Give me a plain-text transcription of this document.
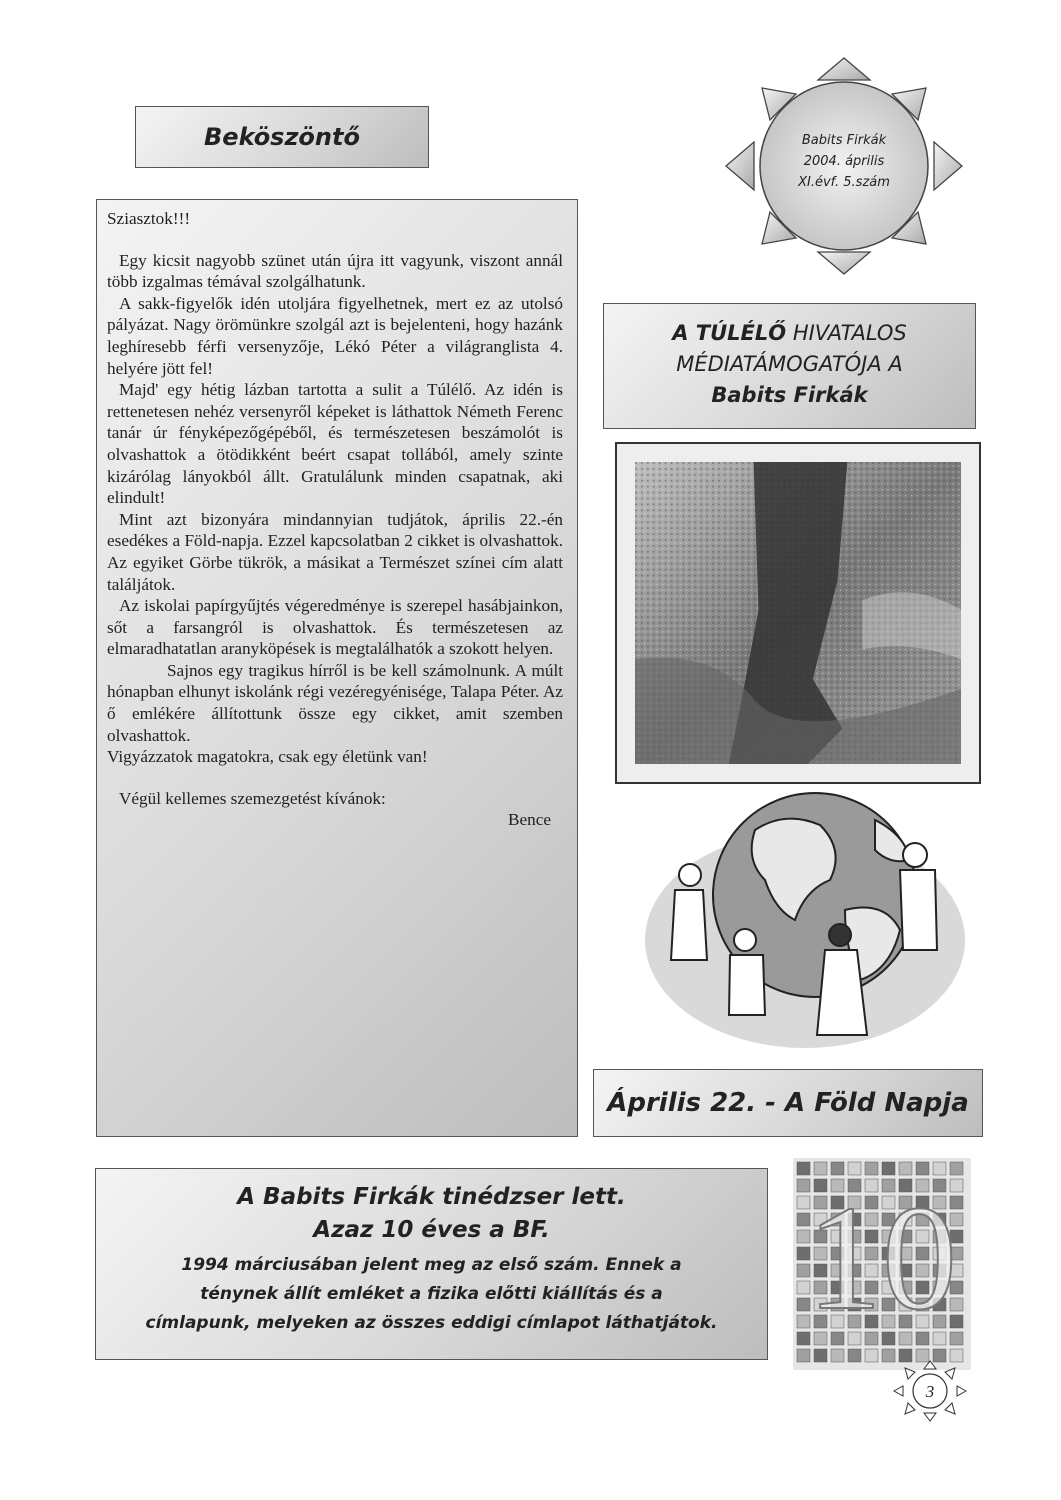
Beköszöntő	Babits Firkák
2004. április
XI.évf. 5.szám

Sziasztok!!!

Egy kicsit nagyobb szünet után újra itt vagyunk, viszont annál több izgalmas témával szolgálhatunk.

A sakk-figyelők idén utoljára figyelhetnek, mert ez az utolsó pályázat. Nagy örömünkre szolgál azt is bejelenteni, hogy hazánk leghíresebb férfi versenyzője, Lékó Péter a világranglista 4. helyére jött fel!

Majd' egy hétig lázban tartotta a sulit a Túlélő. Az idén is rettenetesen nehéz versenyről képeket is láthattok Németh Ferenc tanár úr fényképezőgépéből, és természetesen beszámolót is olvashattok a ötödikként beért csapat tollából, amely szinte kizárólag lányokból állt. Gratulálunk minden csapatnak, aki elindult!

Mint azt bizonyára mindannyian tudjátok, április 22.-én esedékes a Föld-napja. Ezzel kapcsolatban 2 cikket is olvashattok. Az egyiket Görbe tükrök, a másikat a Természet színei cím alatt találjátok.

Az iskolai papírgyűjtés végeredménye is szerepel hasábjainkon, sőt a farsangról is olvashattok. És természetesen az elmaradhatatlan aranyköpések is megtalálhatók a szokott helyen.

Sajnos egy tragikus hírről is be kell számolnunk. A múlt hónapban elhunyt iskolánk régi vezéregyénisége, Talapa Péter. Az ő emlékére állítottunk össze egy cikket, amit szemben olvashattok.

Vigyázzatok magatokra, csak egy életünk van!

Végül kellemes szemezgetést kívánok:

Bence

A TÚLÉLŐ HIVATALOS
MÉDIATÁMOGATÓJA A
Babits Firkák
Április 22. - A Föld Napja
A Babits Firkák tinédzser lett.
Azaz 10 éves a BF.
1994 márciusában jelent meg az első szám. Ennek a
ténynek állít emléket a fizika előtti kiállítás és a
címlapunk, melyeken az összes eddigi címlapot láthatjátok. 10
3
